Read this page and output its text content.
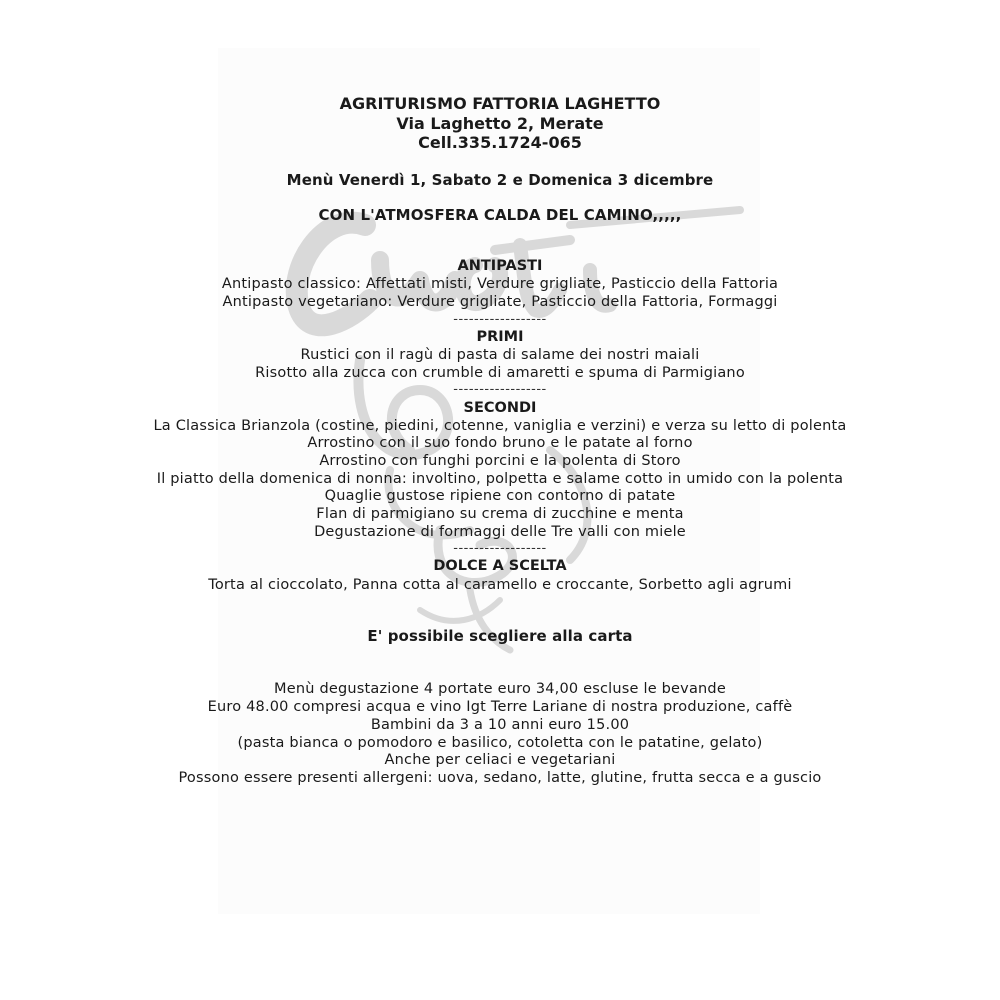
AGRITURISMO FATTORIA LAGHETTO
Via Laghetto 2, Merate
Cell.335.1724-065
Menù Venerdì 1, Sabato 2 e Domenica 3 dicembre
CON L'ATMOSFERA CALDA DEL CAMINO,,,,,
ANTIPASTI
Antipasto classico: Affettati misti, Verdure grigliate, Pasticcio della Fattoria
Antipasto vegetariano: Verdure grigliate, Pasticcio della Fattoria, Formaggi
------------------
PRIMI
Rustici con il ragù di pasta di salame dei nostri maiali
Risotto alla zucca con crumble di amaretti e spuma di Parmigiano
------------------
SECONDI
La Classica Brianzola (costine, piedini, cotenne, vaniglia e verzini) e verza su letto di polenta
Arrostino con il suo fondo bruno e le patate al forno
Arrostino con funghi porcini e la polenta di Storo
Il piatto della domenica di nonna: involtino, polpetta e salame cotto in umido con la polenta
Quaglie gustose ripiene con contorno di patate
Flan di parmigiano su crema di zucchine e menta
Degustazione di formaggi delle Tre valli con miele
------------------
DOLCE A SCELTA
Torta al cioccolato, Panna cotta al caramello e croccante, Sorbetto agli agrumi
E' possibile scegliere alla carta
Menù degustazione 4 portate euro 34,00 escluse le bevande
Euro 48.00 compresi acqua e vino Igt Terre Lariane di nostra produzione, caffè
Bambini da 3 a 10 anni euro 15.00
(pasta bianca o pomodoro e basilico, cotoletta con le patatine, gelato)
Anche per celiaci e vegetariani
Possono essere presenti allergeni: uova, sedano, latte, glutine, frutta secca e a guscio
